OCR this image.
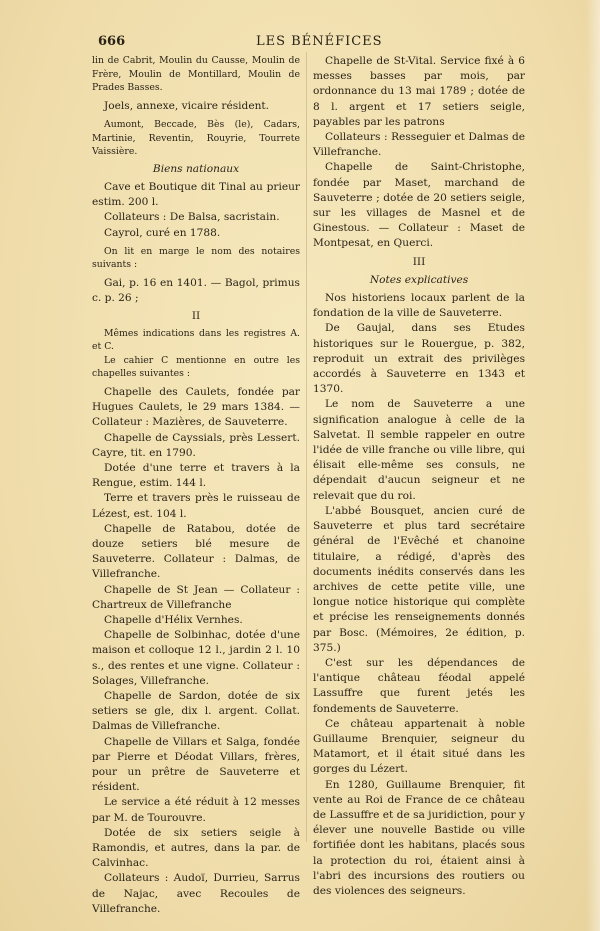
666	LES BÉNÉFICES

lin de Cabrit, Moulin du Causse, Moulin de Frère, Moulin de Montillard, Moulin de Prades Basses.

Joels, annexe, vicaire résident.

Aumont, Beccade, Bès (le), Cadars, Martinie, Reventin, Rouyrie, Tourrete Vaissière.

Biens nationaux

Cave et Boutique dit Tinal au prieur estim. 200 l.

Collateurs : De Balsa, sacristain.

Cayrol, curé en 1788.

On lit en marge le nom des notaires suivants :

Gai, p. 16 en 1401. — Bagol, primus c. p. 26 ;

II

Mêmes indications dans les registres A. et C.

Le cahier C mentionne en outre les chapelles suivantes :

Chapelle des Caulets, fondée par Hugues Caulets, le 29 mars 1384. — Collateur : Mazières, de Sauveterre.

Chapelle de Cayssials, près Lessert. Cayre, tit. en 1790.

Dotée d'une terre et travers à la Rengue, estim. 144 l.

Terre et travers près le ruisseau de Lézest, est. 104 l.

Chapelle de Ratabou, dotée de douze setiers blé mesure de Sauveterre. Collateur : Dalmas, de Villefranche.

Chapelle de St Jean — Collateur : Chartreux de Villefranche

Chapelle d'Hélix Vernhes.

Chapelle de Solbinhac, dotée d'une maison et colloque 12 l., jardin 2 l. 10 s., des rentes et une vigne. Collateur : Solages, Villefranche.

Chapelle de Sardon, dotée de six setiers se gle, dix l. argent. Collat. Dalmas de Villefranche.

Chapelle de Villars et Salga, fondée par Pierre et Déodat Villars, frères, pour un prêtre de Sauveterre et résident.

Le service a été réduit à 12 messes par M. de Tourouvre.

Dotée de six setiers seigle à Ramondis, et autres, dans la par. de Calvinhac.

Collateurs : Audoï, Durrieu, Sarrus de Najac, avec Recoules de Villefranche.

Chapelle de St-Vital. Service fixé à 6 messes basses par mois, par ordonnance du 13 mai 1789 ; dotée de 8 l. argent et 17 setiers seigle, payables par les patrons

Collateurs : Resseguier et Dalmas de Villefranche.

Chapelle de Saint-Christophe, fondée par Maset, marchand de Sauveterre ; dotée de 20 setiers seigle, sur les villages de Masnel et de Ginestous. — Collateur : Maset de Montpesat, en Querci.

III

Notes explicatives

Nos historiens locaux parlent de la fondation de la ville de Sauveterre.

De Gaujal, dans ses Etudes historiques sur le Rouergue, p. 382, reproduit un extrait des privilèges accordés à Sauveterre en 1343 et 1370.

Le nom de Sauveterre a une signification analogue à celle de la Salvetat. Il semble rappeler en outre l'idée de ville franche ou ville libre, qui élisait elle-même ses consuls, ne dépendait d'aucun seigneur et ne relevait que du roi.

L'abbé Bousquet, ancien curé de Sauveterre et plus tard secrétaire général de l'Evêché et chanoine titulaire, a rédigé, d'après des documents inédits conservés dans les archives de cette petite ville, une longue notice historique qui complète et précise les renseignements donnés par Bosc. (Mémoires, 2e édition, p. 375.)

C'est sur les dépendances de l'antique château féodal appelé Lassuffre que furent jetés les fondements de Sauveterre.

Ce château appartenait à noble Guillaume Brenquier, seigneur du Matamort, et il était situé dans les gorges du Lézert.

En 1280, Guillaume Brenquier, fit vente au Roi de France de ce château de Lassuffre et de sa juridiction, pour y élever une nouvelle Bastide ou ville fortifiée dont les habitans, placés sous la protection du roi, étaient ainsi à l'abri des incursions des routiers ou des violences des seigneurs.
